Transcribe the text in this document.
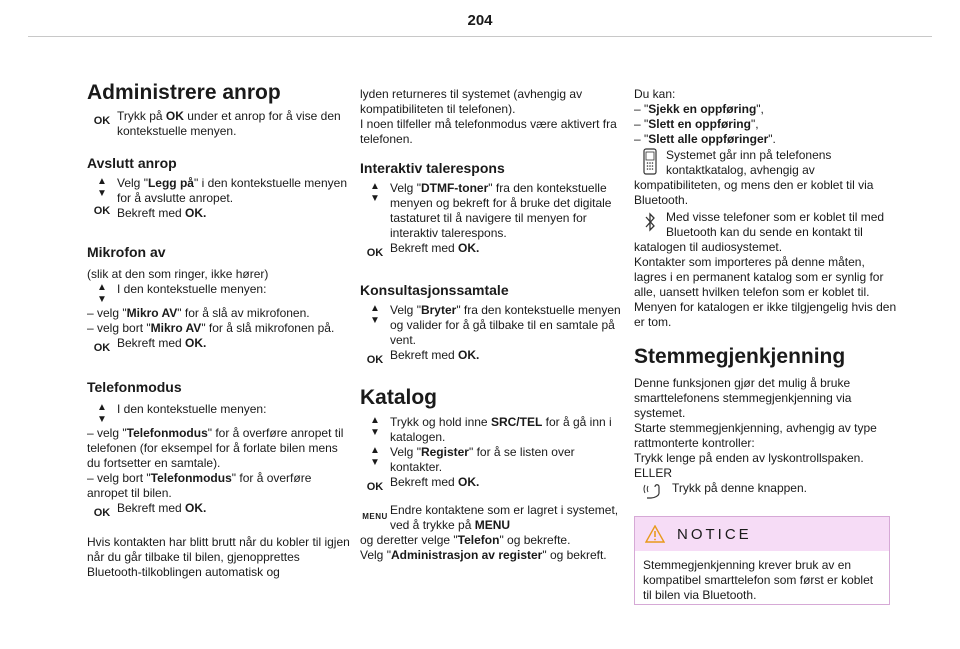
204
Administrere anrop
OK Trykk på OK under et anrop for å vise den kontekstuelle menyen.
Avslutt anrop
▲
▼
OK

Velg "Legg på" i den kontekstuelle menyen for å avslutte anropet.

Bekreft med OK.

Mikrofon av

(slik at den som ringer, ikke hører)

▲
▼
I den kontekstuelle menyen:

– velg "Mikro AV" for å slå av mikrofonen.

– velg bort "Mikro AV" for å slå mikrofonen på.

OK Bekreft med OK.
Telefonmodus
▲
▼
I den kontekstuelle menyen:

– velg "Telefonmodus" for å overføre anropet til telefonen (for eksempel for å forlate bilen mens du fortsetter en samtale).

– velg bort "Telefonmodus" for å overføre anropet til bilen.

OK Bekreft med OK.

Hvis kontakten har blitt brutt når du kobler til igjen når du går tilbake til bilen, gjenopprettes Bluetooth-tilkoblingen automatisk og

lyden returneres til systemet (avhengig av kompatibiliteten til telefonen).

I noen tilfeller må telefonmodus være aktivert fra telefonen.

Interaktiv talerespons
▲
▼
Velg "DTMF-toner" fra den kontekstuelle menyen og bekreft for å bruke det digitale tastaturet til å navigere til menyen for interaktiv talerespons.
OK Bekreft med OK.
Konsultasjonssamtale
▲
▼
Velg "Bryter" fra den kontekstuelle menyen og valider for å gå tilbake til en samtale på vent.
OK Bekreft med OK.
Katalog
▲
▼
Trykk og hold inne SRC/TEL for å gå inn i katalogen.
▲
▼
Velg "Register" for å se listen over kontakter.
OK Bekreft med OK.
MENU Endre kontaktene som er lagret i systemet, ved å trykke på MENU

og deretter velge "Telefon" og bekrefte.

Velg "Administrasjon av register" og bekreft.

Du kan:

– "Sjekk en oppføring",

– "Slett en oppføring",

– "Slett alle oppføringer".

Systemet går inn på telefonens kontaktkatalog, avhengig av kompatibiliteten, og mens den er koblet til via Bluetooth.

Med visse telefoner som er koblet til med Bluetooth kan du sende en kontakt til katalogen til audiosystemet.

Kontakter som importeres på denne måten, lagres i en permanent katalog som er synlig for alle, uansett hvilken telefon som er koblet til.

Menyen for katalogen er ikke tilgjengelig hvis den er tom.

Stemmegjenkjenning

Denne funksjonen gjør det mulig å bruke smarttelefonens stemmegjenkjenning via systemet.

Starte stemmegjenkjenning, avhengig av type rattmonterte kontroller:

Trykk lenge på enden av lyskontrollspaken.

ELLER

Trykk på denne knappen.
NOTICE
Stemmegjenkjenning krever bruk av en kompatibel smarttelefon som først er koblet til bilen via Bluetooth.
